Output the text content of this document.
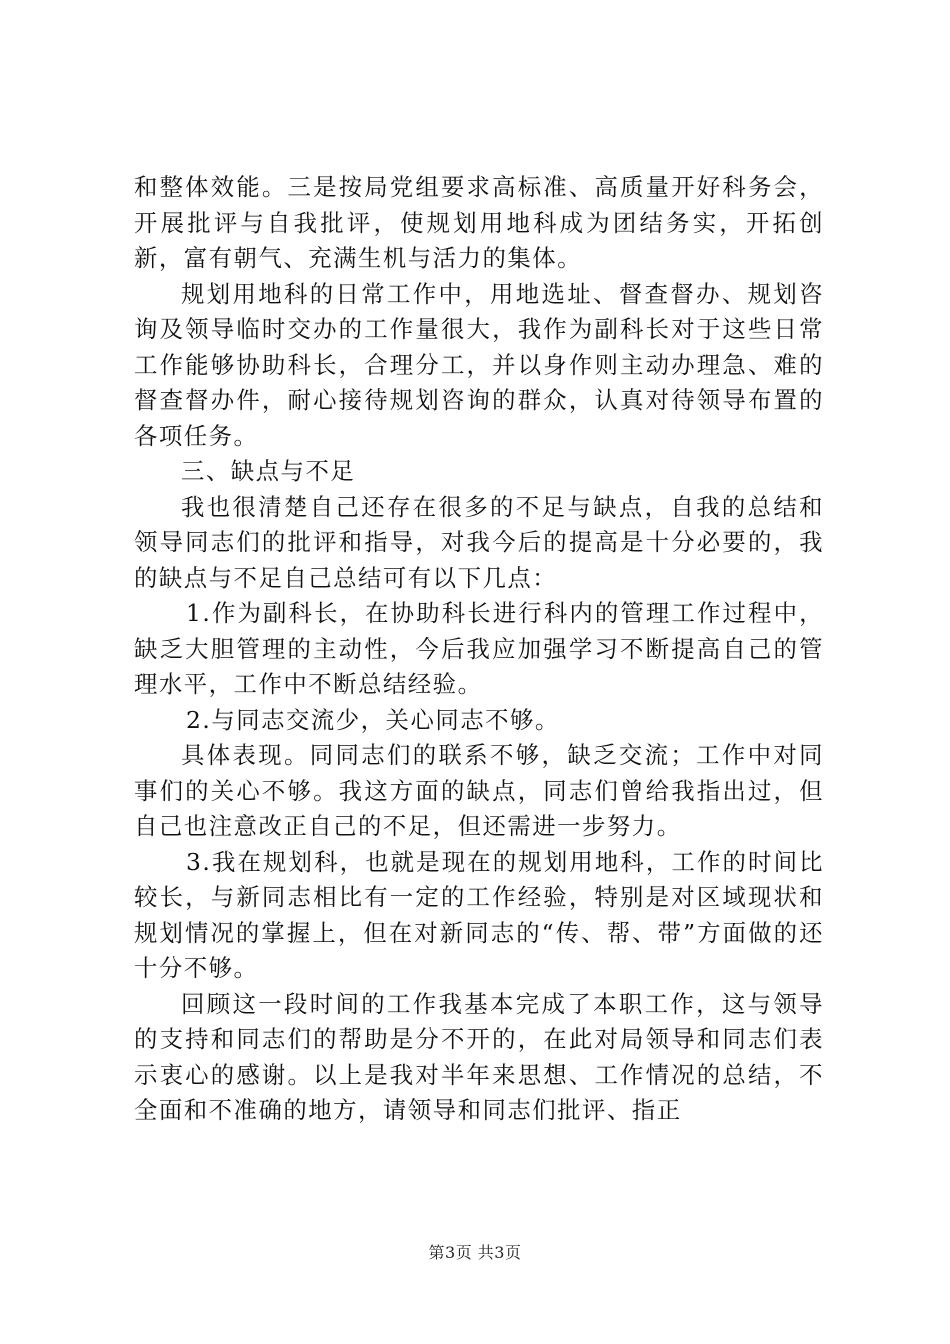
和整体效能。三是按局党组要求高标准、高质量开好科务会，开展批评与自我批评，使规划用地科成为团结务实，开拓创新，富有朝气、充满生机与活力的集体。

规划用地科的日常工作中，用地选址、督查督办、规划咨询及领导临时交办的工作量很大，我作为副科长对于这些日常工作能够协助科长，合理分工，并以身作则主动办理急、难的督查督办件，耐心接待规划咨询的群众，认真对待领导布置的各项任务。

三、缺点与不足

我也很清楚自己还存在很多的不足与缺点，自我的总结和领导同志们的批评和指导，对我今后的提高是十分必要的，我的缺点与不足自己总结可有以下几点：

1.作为副科长，在协助科长进行科内的管理工作过程中，缺乏大胆管理的主动性，今后我应加强学习不断提高自己的管理水平，工作中不断总结经验。

2.与同志交流少，关心同志不够。

具体表现。同同志们的联系不够，缺乏交流；工作中对同事们的关心不够。我这方面的缺点，同志们曾给我指出过，但自己也注意改正自己的不足，但还需进一步努力。

3.我在规划科，也就是现在的规划用地科，工作的时间比较长，与新同志相比有一定的工作经验，特别是对区域现状和规划情况的掌握上，但在对新同志的“传、帮、带”方面做的还十分不够。

回顾这一段时间的工作我基本完成了本职工作，这与领导的支持和同志们的帮助是分不开的，在此对局领导和同志们表示衷心的感谢。以上是我对半年来思想、工作情况的总结，不全面和不准确的地方，请领导和同志们批评、指正

第3页 共3页
